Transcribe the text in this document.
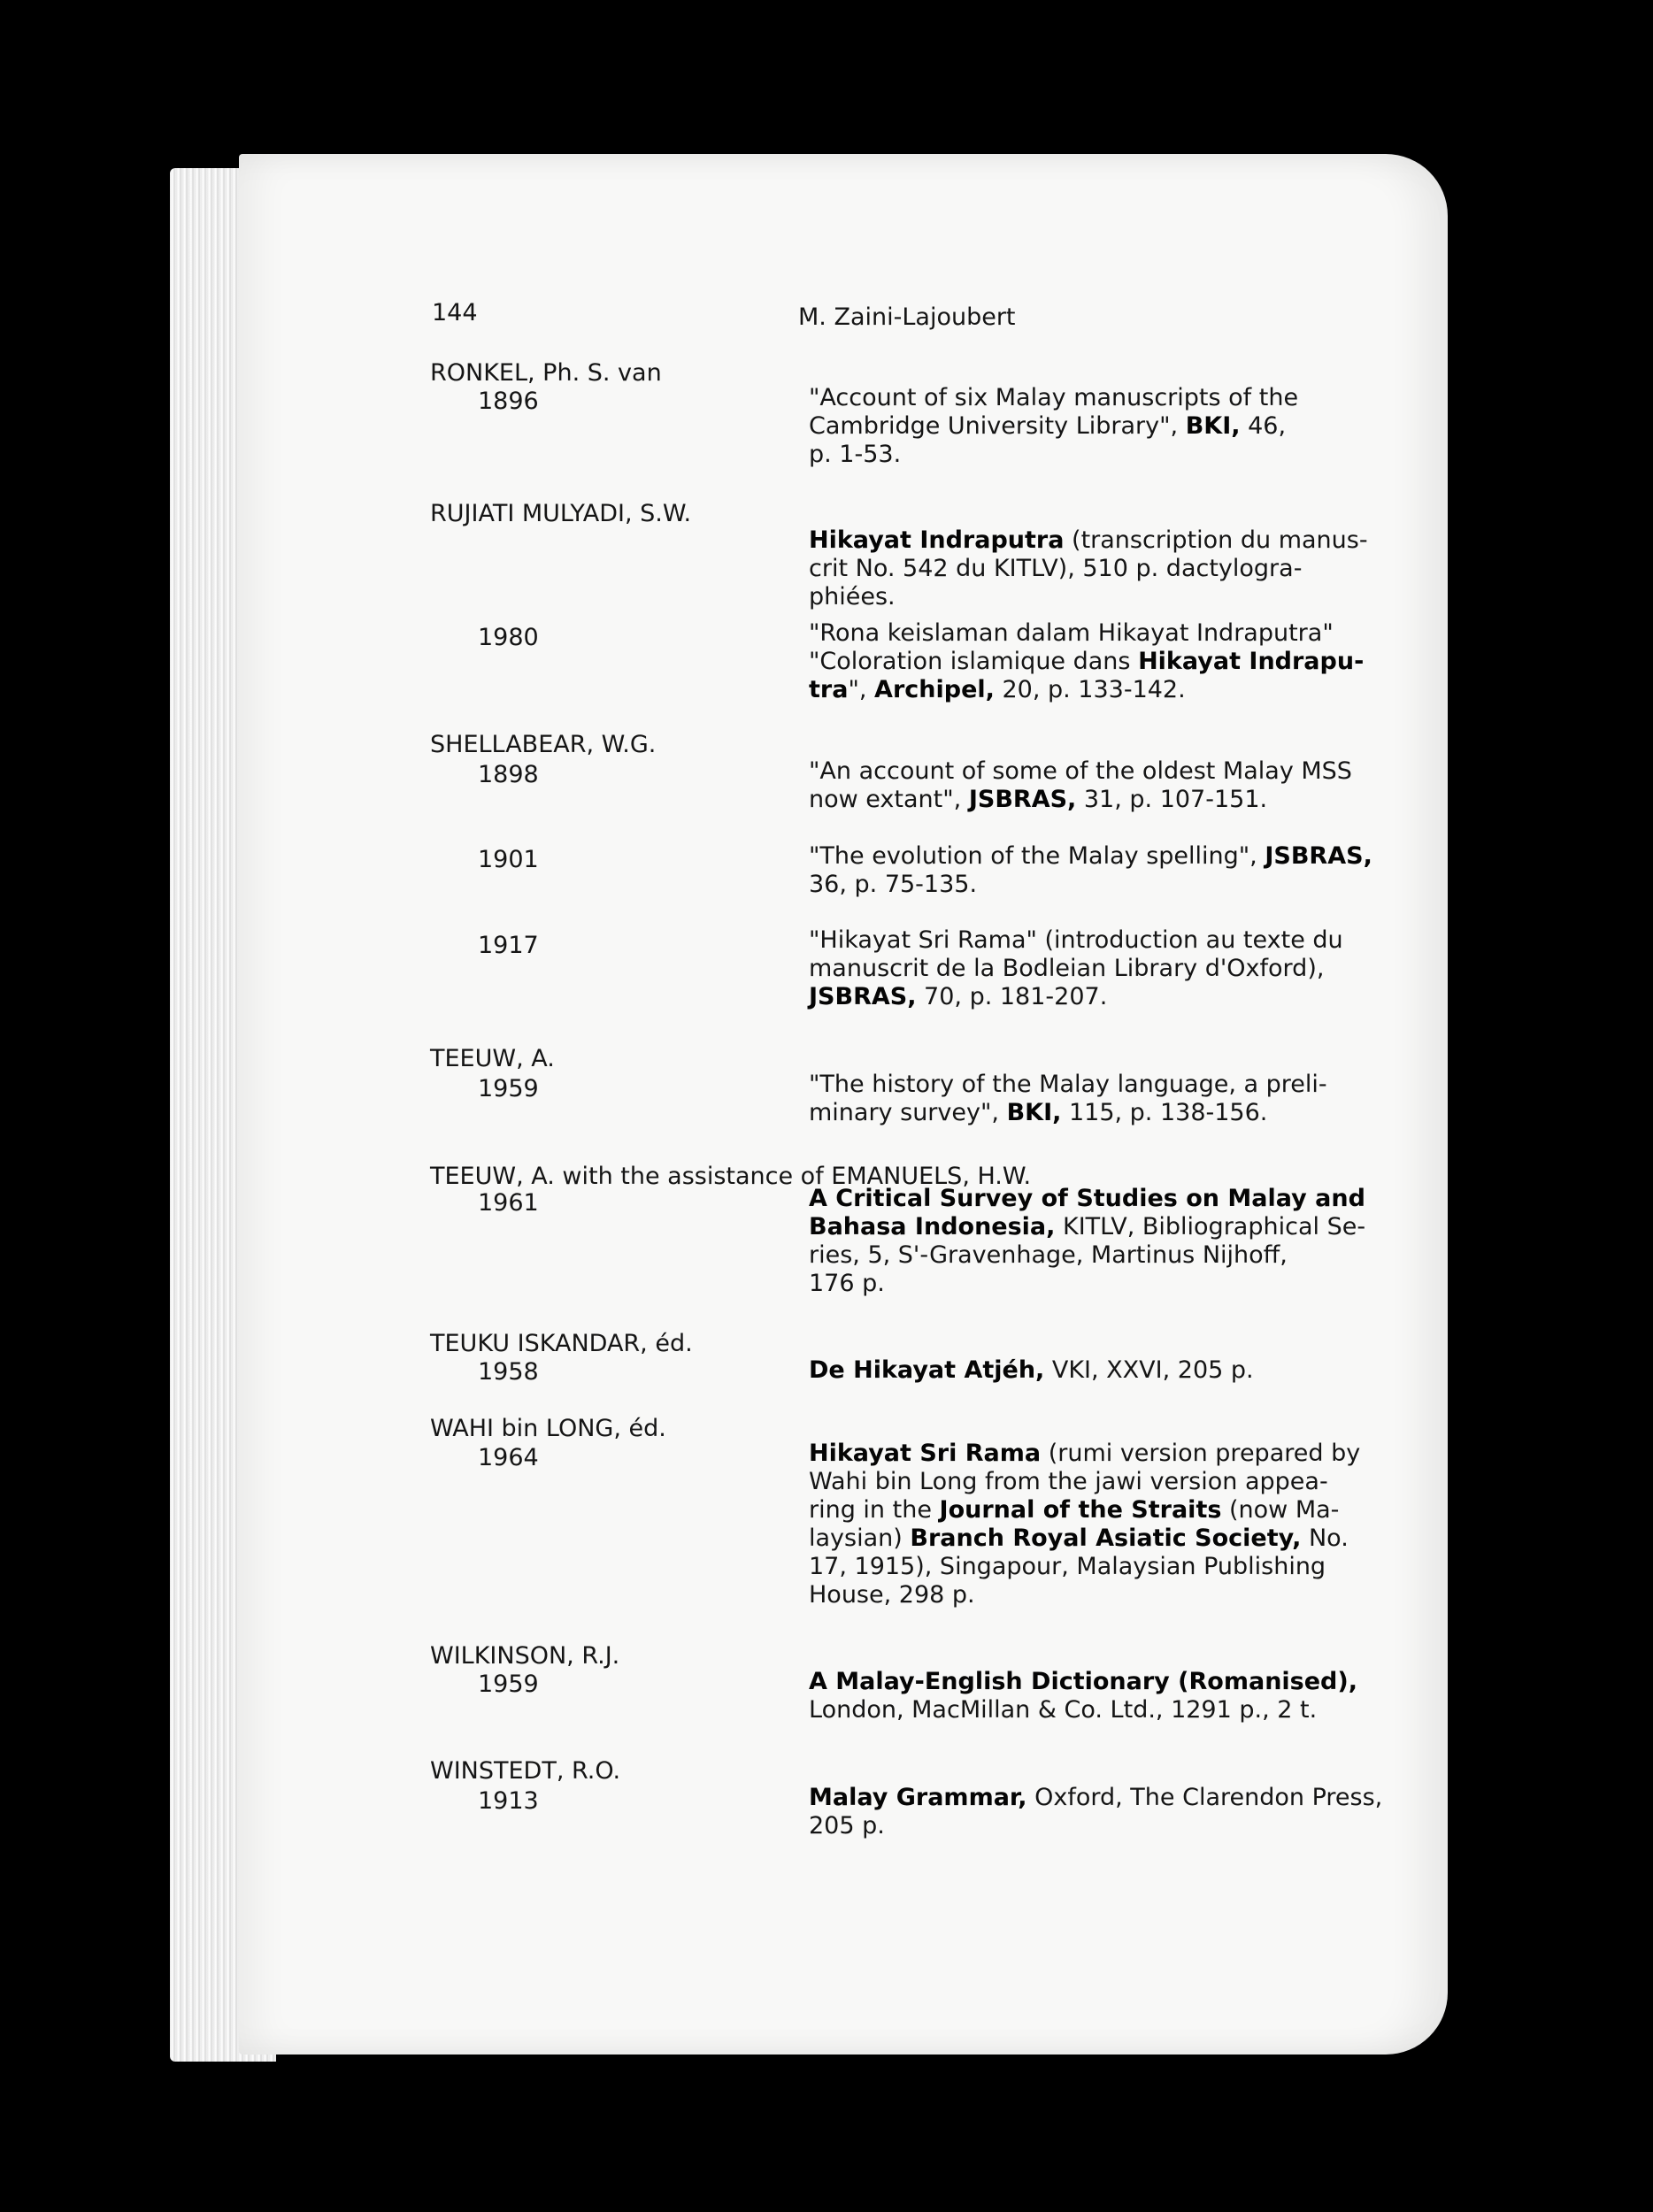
144	M. Zaini-Lajoubert
RONKEL, Ph. S. van
1896	"Account of six Malay manuscripts of the
Cambridge University Library", BKI, 46,
p. 1-53.
RUJIATI MULYADI, S.W.
Hikayat Indraputra (transcription du manus-
crit No. 542 du KITLV), 510 p. dactylogra-
phiées.
1980	"Rona keislaman dalam Hikayat Indraputra"
"Coloration islamique dans Hikayat Indrapu-
tra", Archipel, 20, p. 133-142.
SHELLABEAR, W.G.
1898	"An account of some of the oldest Malay MSS
now extant", JSBRAS, 31, p. 107-151.
1901	"The evolution of the Malay spelling", JSBRAS,
36, p. 75-135.
1917	"Hikayat Sri Rama" (introduction au texte du
manuscrit de la Bodleian Library d'Oxford),
JSBRAS, 70, p. 181-207.
TEEUW, A.
1959	"The history of the Malay language, a preli-
minary survey", BKI, 115, p. 138-156.
TEEUW, A. with the assistance of EMANUELS, H.W.
1961	A Critical Survey of Studies on Malay and
Bahasa Indonesia, KITLV, Bibliographical Se-
ries, 5, S'-Gravenhage, Martinus Nijhoff,
176 p.
TEUKU ISKANDAR, éd.
1958	De Hikayat Atjéh, VKI, XXVI, 205 p.
WAHI bin LONG, éd.
1964	Hikayat Sri Rama (rumi version prepared by
Wahi bin Long from the jawi version appea-
ring in the Journal of the Straits (now Ma-
laysian) Branch Royal Asiatic Society, No.
17, 1915), Singapour, Malaysian Publishing
House, 298 p.
WILKINSON, R.J.
1959	A Malay-English Dictionary (Romanised),
London, MacMillan & Co. Ltd., 1291 p., 2 t.
WINSTEDT, R.O.
1913	Malay Grammar, Oxford, The Clarendon Press,
205 p.
